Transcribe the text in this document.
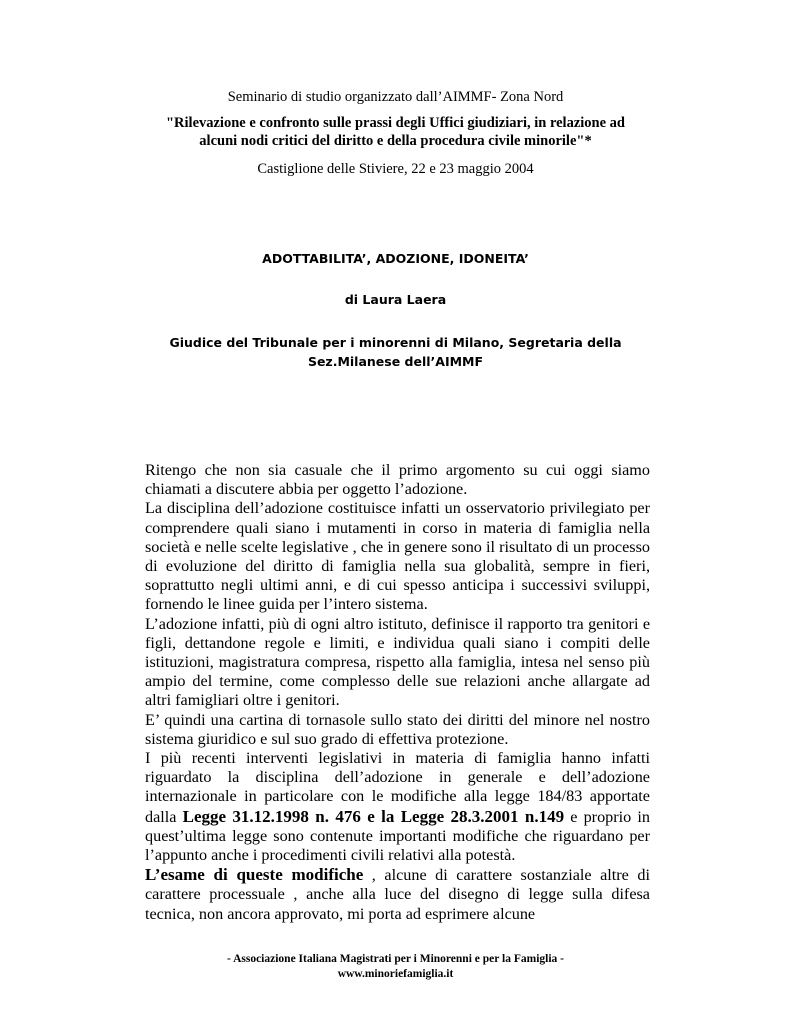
Seminario di studio organizzato dall’AIMMF- Zona Nord

"Rilevazione e confronto sulle prassi degli Uffici giudiziari, in relazione ad
alcuni nodi critici del diritto e della procedura civile minorile"*

Castiglione delle Stiviere, 22 e 23 maggio 2004

ADOTTABILITA’, ADOZIONE, IDONEITA’

di Laura Laera

Giudice del Tribunale per i minorenni di Milano, Segretaria della
Sez.Milanese dell’AIMMF

Ritengo che non sia casuale che il primo argomento su cui oggi siamo chiamati a discutere abbia per oggetto l’adozione.

La disciplina dell’adozione costituisce infatti un osservatorio privilegiato per comprendere quali siano i mutamenti in corso in materia di famiglia nella società e nelle scelte legislative , che in genere sono il risultato di un processo di evoluzione del diritto di famiglia nella sua globalità, sempre in fieri, soprattutto negli ultimi anni, e di cui spesso anticipa i successivi sviluppi, fornendo le linee guida per l’intero sistema.

L’adozione infatti, più di ogni altro istituto, definisce il rapporto tra genitori e figli, dettandone regole e limiti, e individua quali siano i compiti delle istituzioni, magistratura compresa, rispetto alla famiglia, intesa nel senso più ampio del termine, come complesso delle sue relazioni anche allargate ad altri famigliari oltre i genitori.

E’ quindi una cartina di tornasole sullo stato dei diritti del minore nel nostro sistema giuridico e sul suo grado di effettiva protezione.

I più recenti interventi legislativi in materia di famiglia hanno infatti riguardato la disciplina dell’adozione in generale e dell’adozione internazionale in particolare con le modifiche alla legge 184/83 apportate dalla Legge 31.12.1998 n. 476 e la Legge 28.3.2001 n.149 e proprio in quest’ultima legge sono contenute importanti modifiche che riguardano per l’appunto anche i procedimenti civili relativi alla potestà.

L’esame di queste modifiche , alcune di carattere sostanziale altre di carattere processuale , anche alla luce del disegno di legge sulla difesa tecnica, non ancora approvato, mi porta ad esprimere alcune

- Associazione Italiana Magistrati per i Minorenni e per la Famiglia -

www.minoriefamiglia.it
